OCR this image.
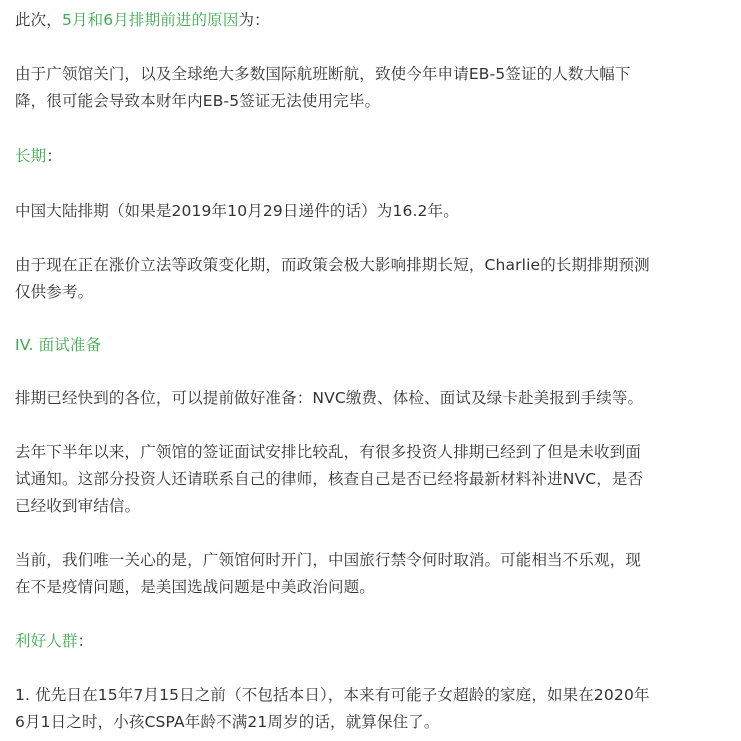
此次，5月和6月排期前进的原因为：
由于广领馆关门，以及全球绝大多数国际航班断航，致使今年申请EB-5签证的人数大幅下
降，很可能会导致本财年内EB-5签证无法使用完毕。
长期：
中国大陆排期（如果是2019年10月29日递件的话）为16.2年。
由于现在正在涨价立法等政策变化期，而政策会极大影响排期长短，Charlie的长期排期预测
仅供参考。
IV. 面试准备
排期已经快到的各位，可以提前做好准备：NVC缴费、体检、面试及绿卡赴美报到手续等。
去年下半年以来，广领馆的签证面试安排比较乱，有很多投资人排期已经到了但是未收到面
试通知。这部分投资人还请联系自己的律师，核查自己是否已经将最新材料补进NVC，是否
已经收到审结信。
当前，我们唯一关心的是，广领馆何时开门，中国旅行禁令何时取消。可能相当不乐观，现
在不是疫情问题，是美国选战问题是中美政治问题。
利好人群：
1. 优先日在15年7月15日之前（不包括本日），本来有可能子女超龄的家庭，如果在2020年
6月1日之时，小孩CSPA年龄不满21周岁的话，就算保住了。
